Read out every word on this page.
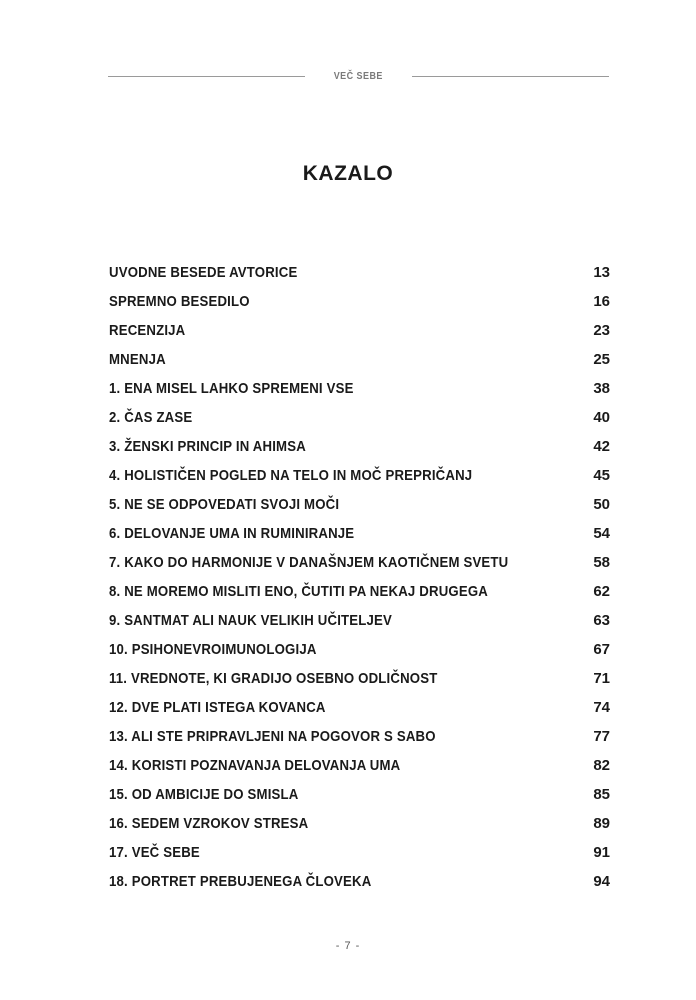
VEČ SEBE
KAZALO
UVODNE BESEDE AVTORICE	13
SPREMNO BESEDILO	16
RECENZIJA	23
MNENJA	25
1. ENA MISEL LAHKO SPREMENI VSE	38
2. ČAS ZASE	40
3. ŽENSKI PRINCIP IN AHIMSA	42
4. HOLISTIČEN POGLED NA TELO IN MOČ PREPRIČANJ	45
5. NE SE ODPOVEDATI SVOJI MOČI	50
6. DELOVANJE UMA IN RUMINIRANJE	54
7. KAKO DO HARMONIJE V DANAŠNJEM KAOTIČNEM SVETU	58
8. NE MOREMO MISLITI ENO, ČUTITI PA NEKAJ DRUGEGA	62
9. SANTMAT ALI NAUK VELIKIH UČITELJEV	63
10. PSIHONEVROIMUNOLOGIJA	67
11. VREDNOTE, KI GRADIJO OSEBNO ODLIČNOST	71
12. DVE PLATI ISTEGA KOVANCA	74
13. ALI STE PRIPRAVLJENI NA POGOVOR S SABO	77
14. KORISTI POZNAVANJA DELOVANJA UMA	82
15. OD AMBICIJE DO SMISLA	85
16. SEDEM VZROKOV STRESA	89
17. VEČ SEBE	91
18. PORTRET PREBUJENEGA ČLOVEKA	94
- 7 -
